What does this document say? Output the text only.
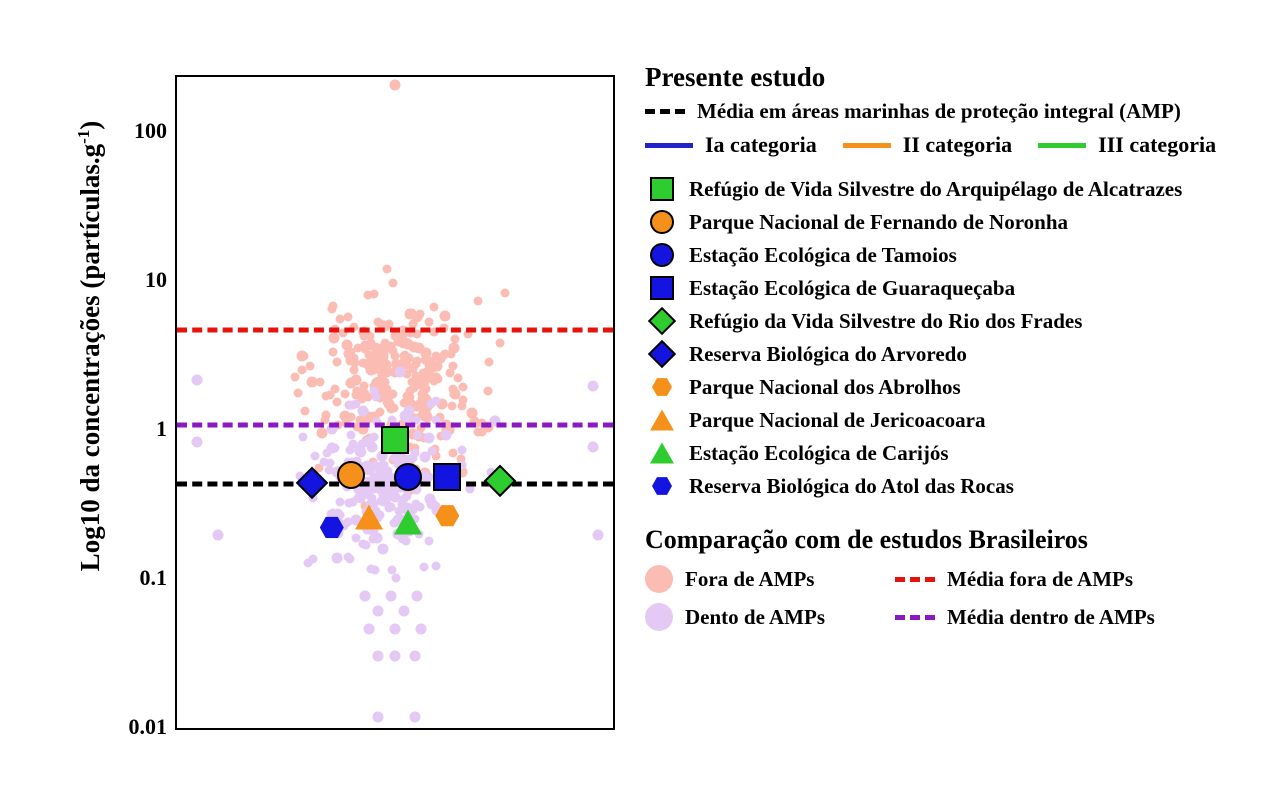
Log10 da concentrações $(partículas.g^{-1})$ 100
10
1
0.1
0.01
Presente estudo
Média em áreas marinhas de proteção integral (AMP)
Ia categoria	II categoria	III categoria
Refúgio de Vida Silvestre do Arquipélago de Alcatrazes
Parque Nacional de Fernando de Noronha
Estação Ecológica de Tamoios
Estação Ecológica de Guaraqueçaba
Refúgio da Vida Silvestre do Rio dos Frades
Reserva Biológica do Arvoredo
Parque Nacional dos Abrolhos
Parque Nacional de Jericoacoara
Estação Ecológica de Carijós
Reserva Biológica do Atol das Rocas
Comparação com de estudos Brasileiros
Fora de AMPs	Média fora de AMPs
Dento de AMPs	Média dentro de AMPs
